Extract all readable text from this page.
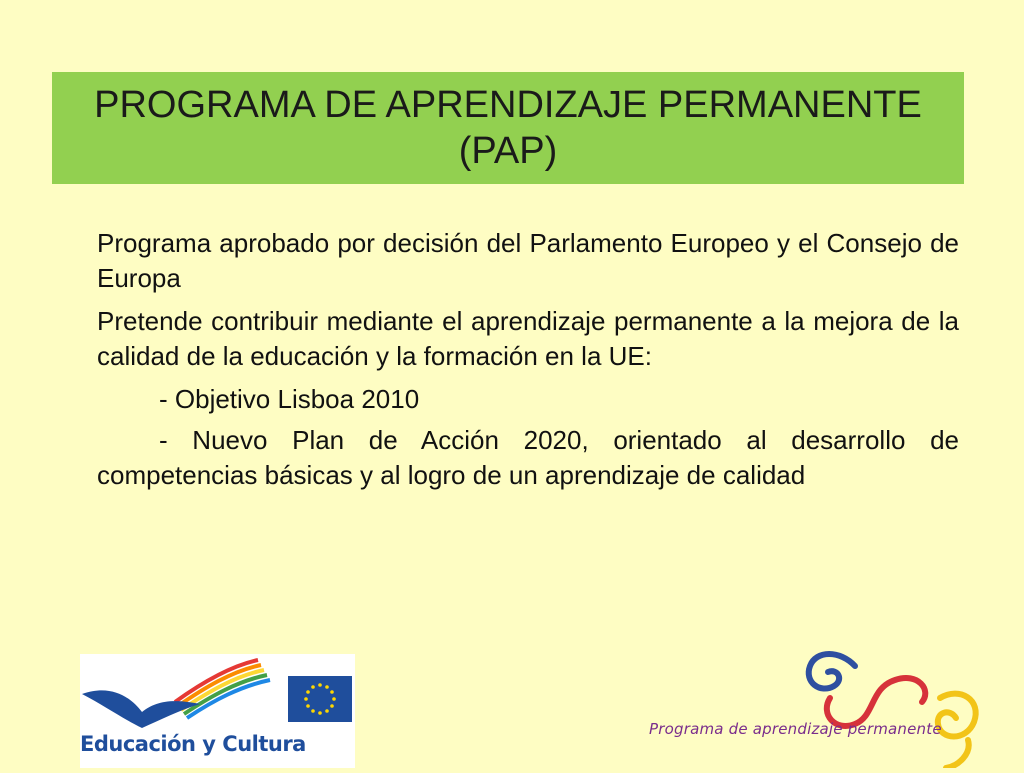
PROGRAMA DE APRENDIZAJE PERMANENTE
(PAP)

Programa aprobado por decisión del Parlamento Europeo y el Consejo de Europa

Pretende contribuir mediante el aprendizaje permanente a la mejora de la calidad de la educación y la formación en la UE:

- Objetivo Lisboa 2010

- Nuevo Plan de Acción 2020, orientado al desarrollo de competencias básicas y al logro de un aprendizaje de calidad

Educación y Cultura
Programa de aprendizaje permanente
